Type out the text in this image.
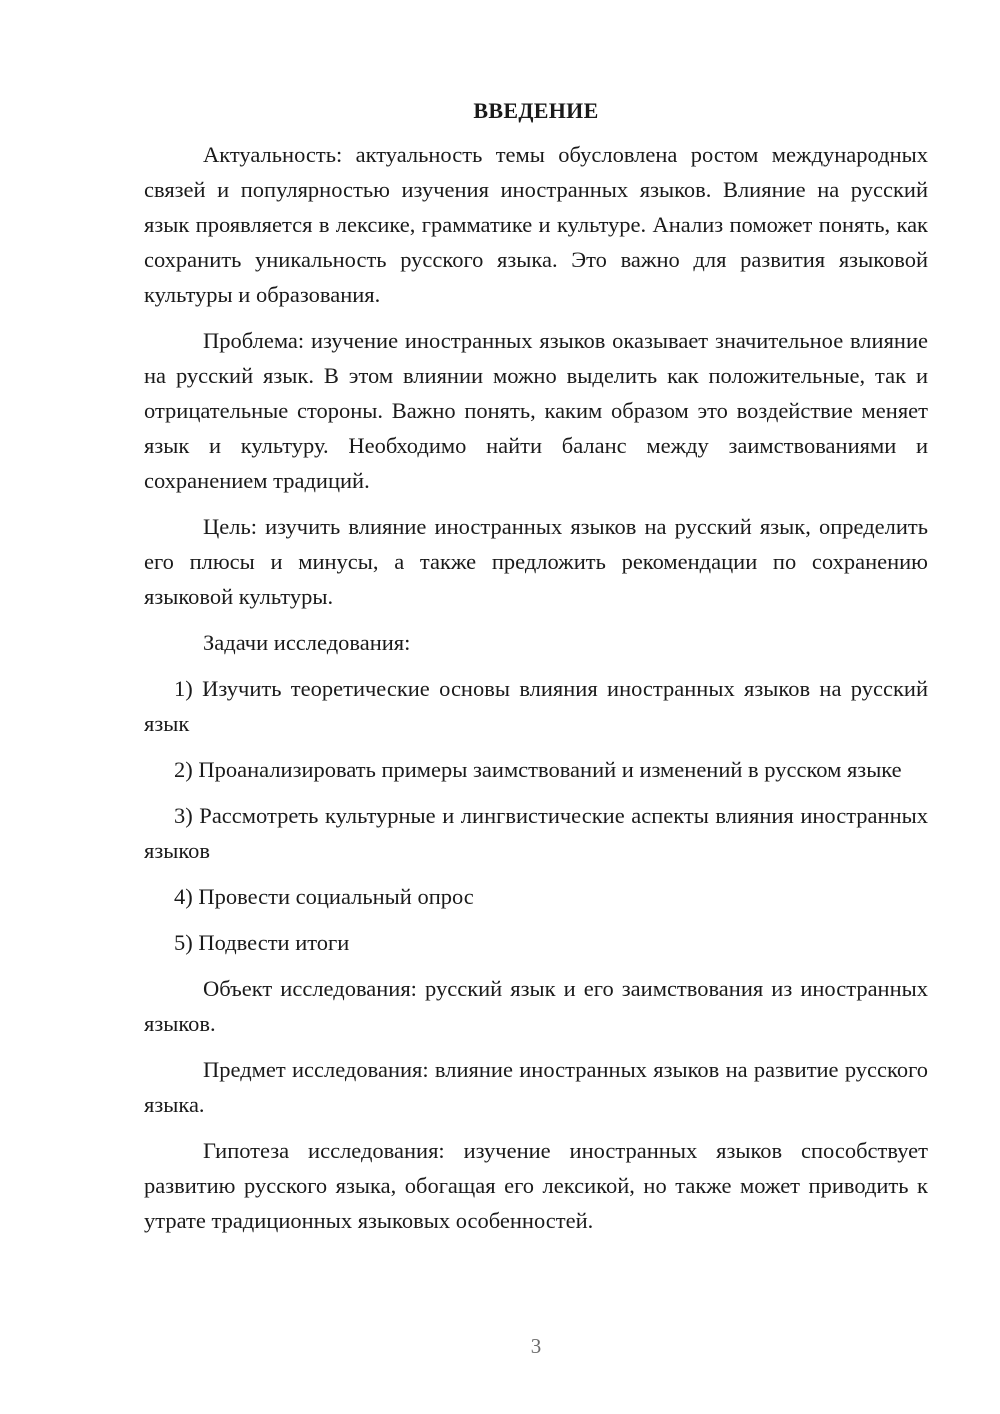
ВВЕДЕНИЕ

Актуальность: актуальность темы обусловлена ростом международных связей и популярностью изучения иностранных языков. Влияние на русский язык проявляется в лексике, грамматике и культуре. Анализ поможет понять, как сохранить уникальность русского языка. Это важно для развития языковой культуры и образования.

Проблема: изучение иностранных языков оказывает значительное влияние на русский язык. В этом влиянии можно выделить как положительные, так и отрицательные стороны. Важно понять, каким образом это воздействие меняет язык и культуру. Необходимо найти баланс между заимствованиями и сохранением традиций.

Цель: изучить влияние иностранных языков на русский язык, определить его плюсы и минусы, а также предложить рекомендации по сохранению языковой культуры.

Задачи исследования:

1) Изучить теоретические основы влияния иностранных языков на русский язык

2) Проанализировать примеры заимствований и изменений в русском языке

3) Рассмотреть культурные и лингвистические аспекты влияния иностранных языков

4) Провести социальный опрос

5) Подвести итоги

Объект исследования: русский язык и его заимствования из иностранных языков.

Предмет исследования: влияние иностранных языков на развитие русского языка.

Гипотеза исследования: изучение иностранных языков способствует развитию русского языка, обогащая его лексикой, но также может приводить к утрате традиционных языковых особенностей.

3
